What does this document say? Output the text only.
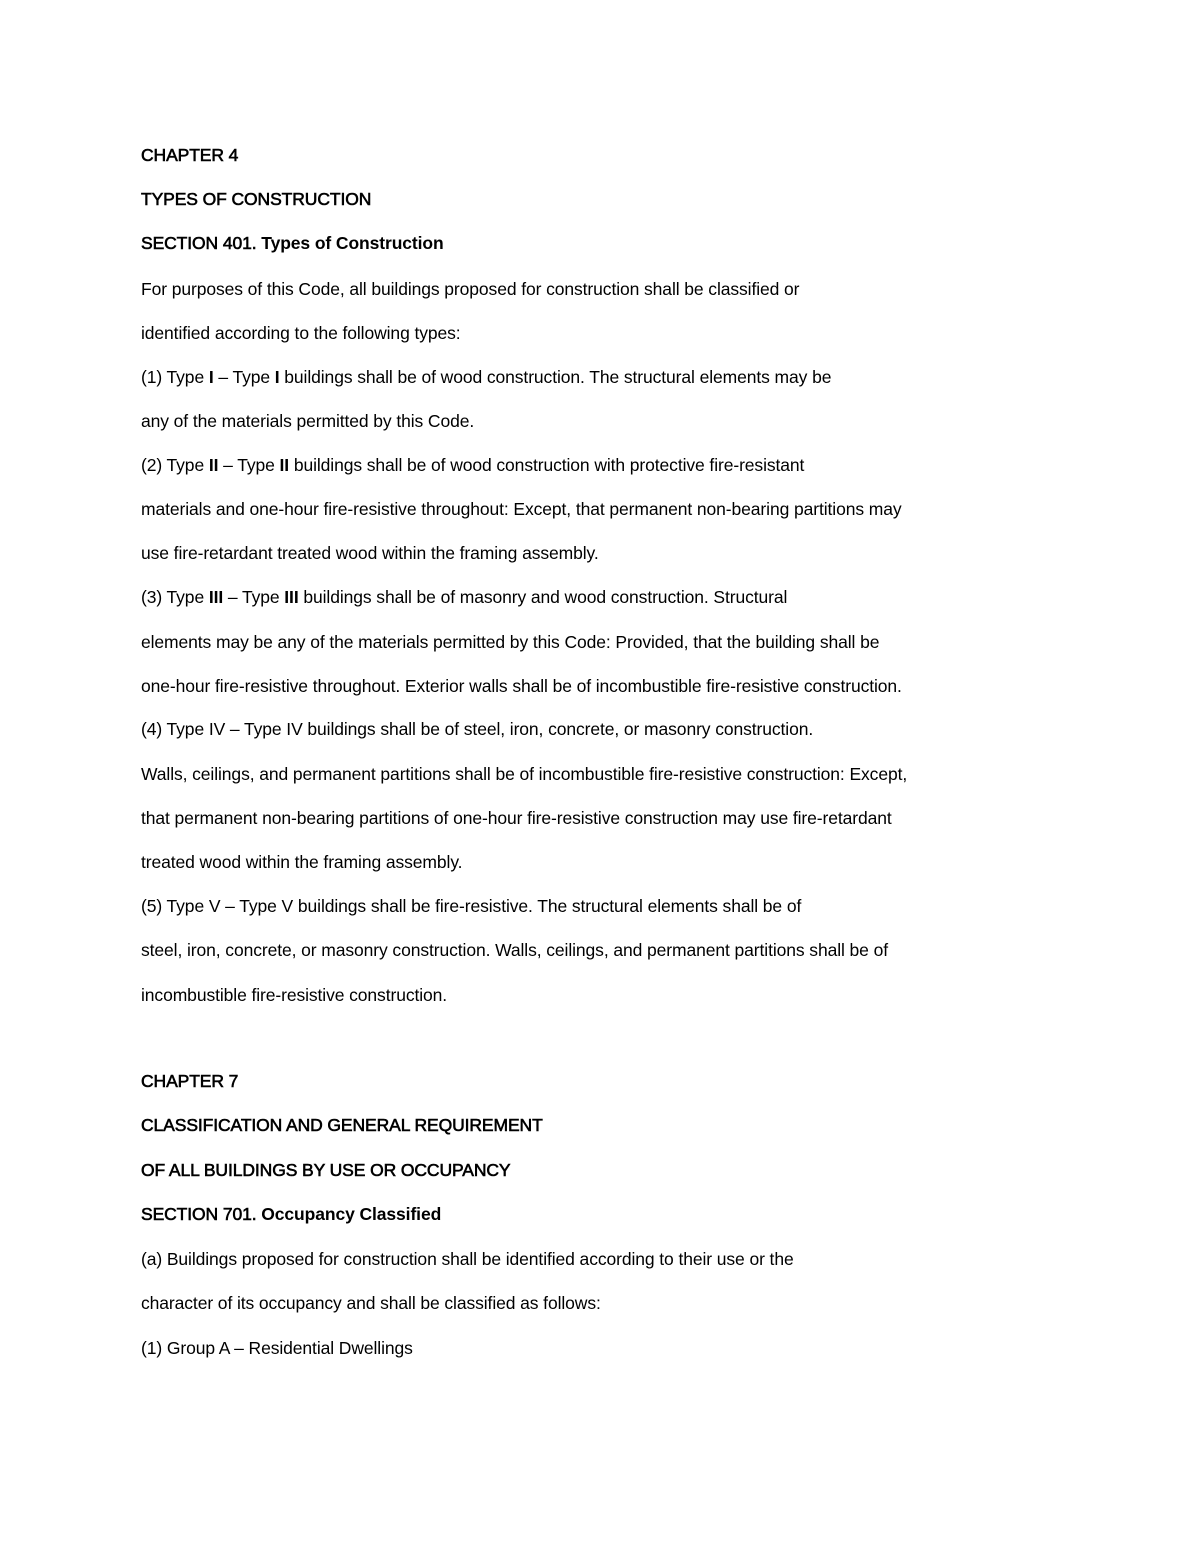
CHAPTER 4
TYPES OF CONSTRUCTION
SECTION 401. Types of Construction
For purposes of this Code, all buildings proposed for construction shall be classified or
identified according to the following types:
(1) Type I – Type I buildings shall be of wood construction. The structural elements may be
any of the materials permitted by this Code.
(2) Type II – Type II buildings shall be of wood construction with protective fire-resistant
materials and one-hour fire-resistive throughout: Except, that permanent non-bearing partitions may
use fire-retardant treated wood within the framing assembly.
(3) Type III – Type III buildings shall be of masonry and wood construction. Structural
elements may be any of the materials permitted by this Code: Provided, that the building shall be
one-hour fire-resistive throughout. Exterior walls shall be of incombustible fire-resistive construction.
(4) Type IV – Type IV buildings shall be of steel, iron, concrete, or masonry construction.
Walls, ceilings, and permanent partitions shall be of incombustible fire-resistive construction: Except,
that permanent non-bearing partitions of one-hour fire-resistive construction may use fire-retardant
treated wood within the framing assembly.
(5) Type V – Type V buildings shall be fire-resistive. The structural elements shall be of
steel, iron, concrete, or masonry construction. Walls, ceilings, and permanent partitions shall be of
incombustible fire-resistive construction.
CHAPTER 7
CLASSIFICATION AND GENERAL REQUIREMENT
OF ALL BUILDINGS BY USE OR OCCUPANCY
SECTION 701. Occupancy Classified
(a) Buildings proposed for construction shall be identified according to their use or the
character of its occupancy and shall be classified as follows:
(1) Group A – Residential Dwellings
